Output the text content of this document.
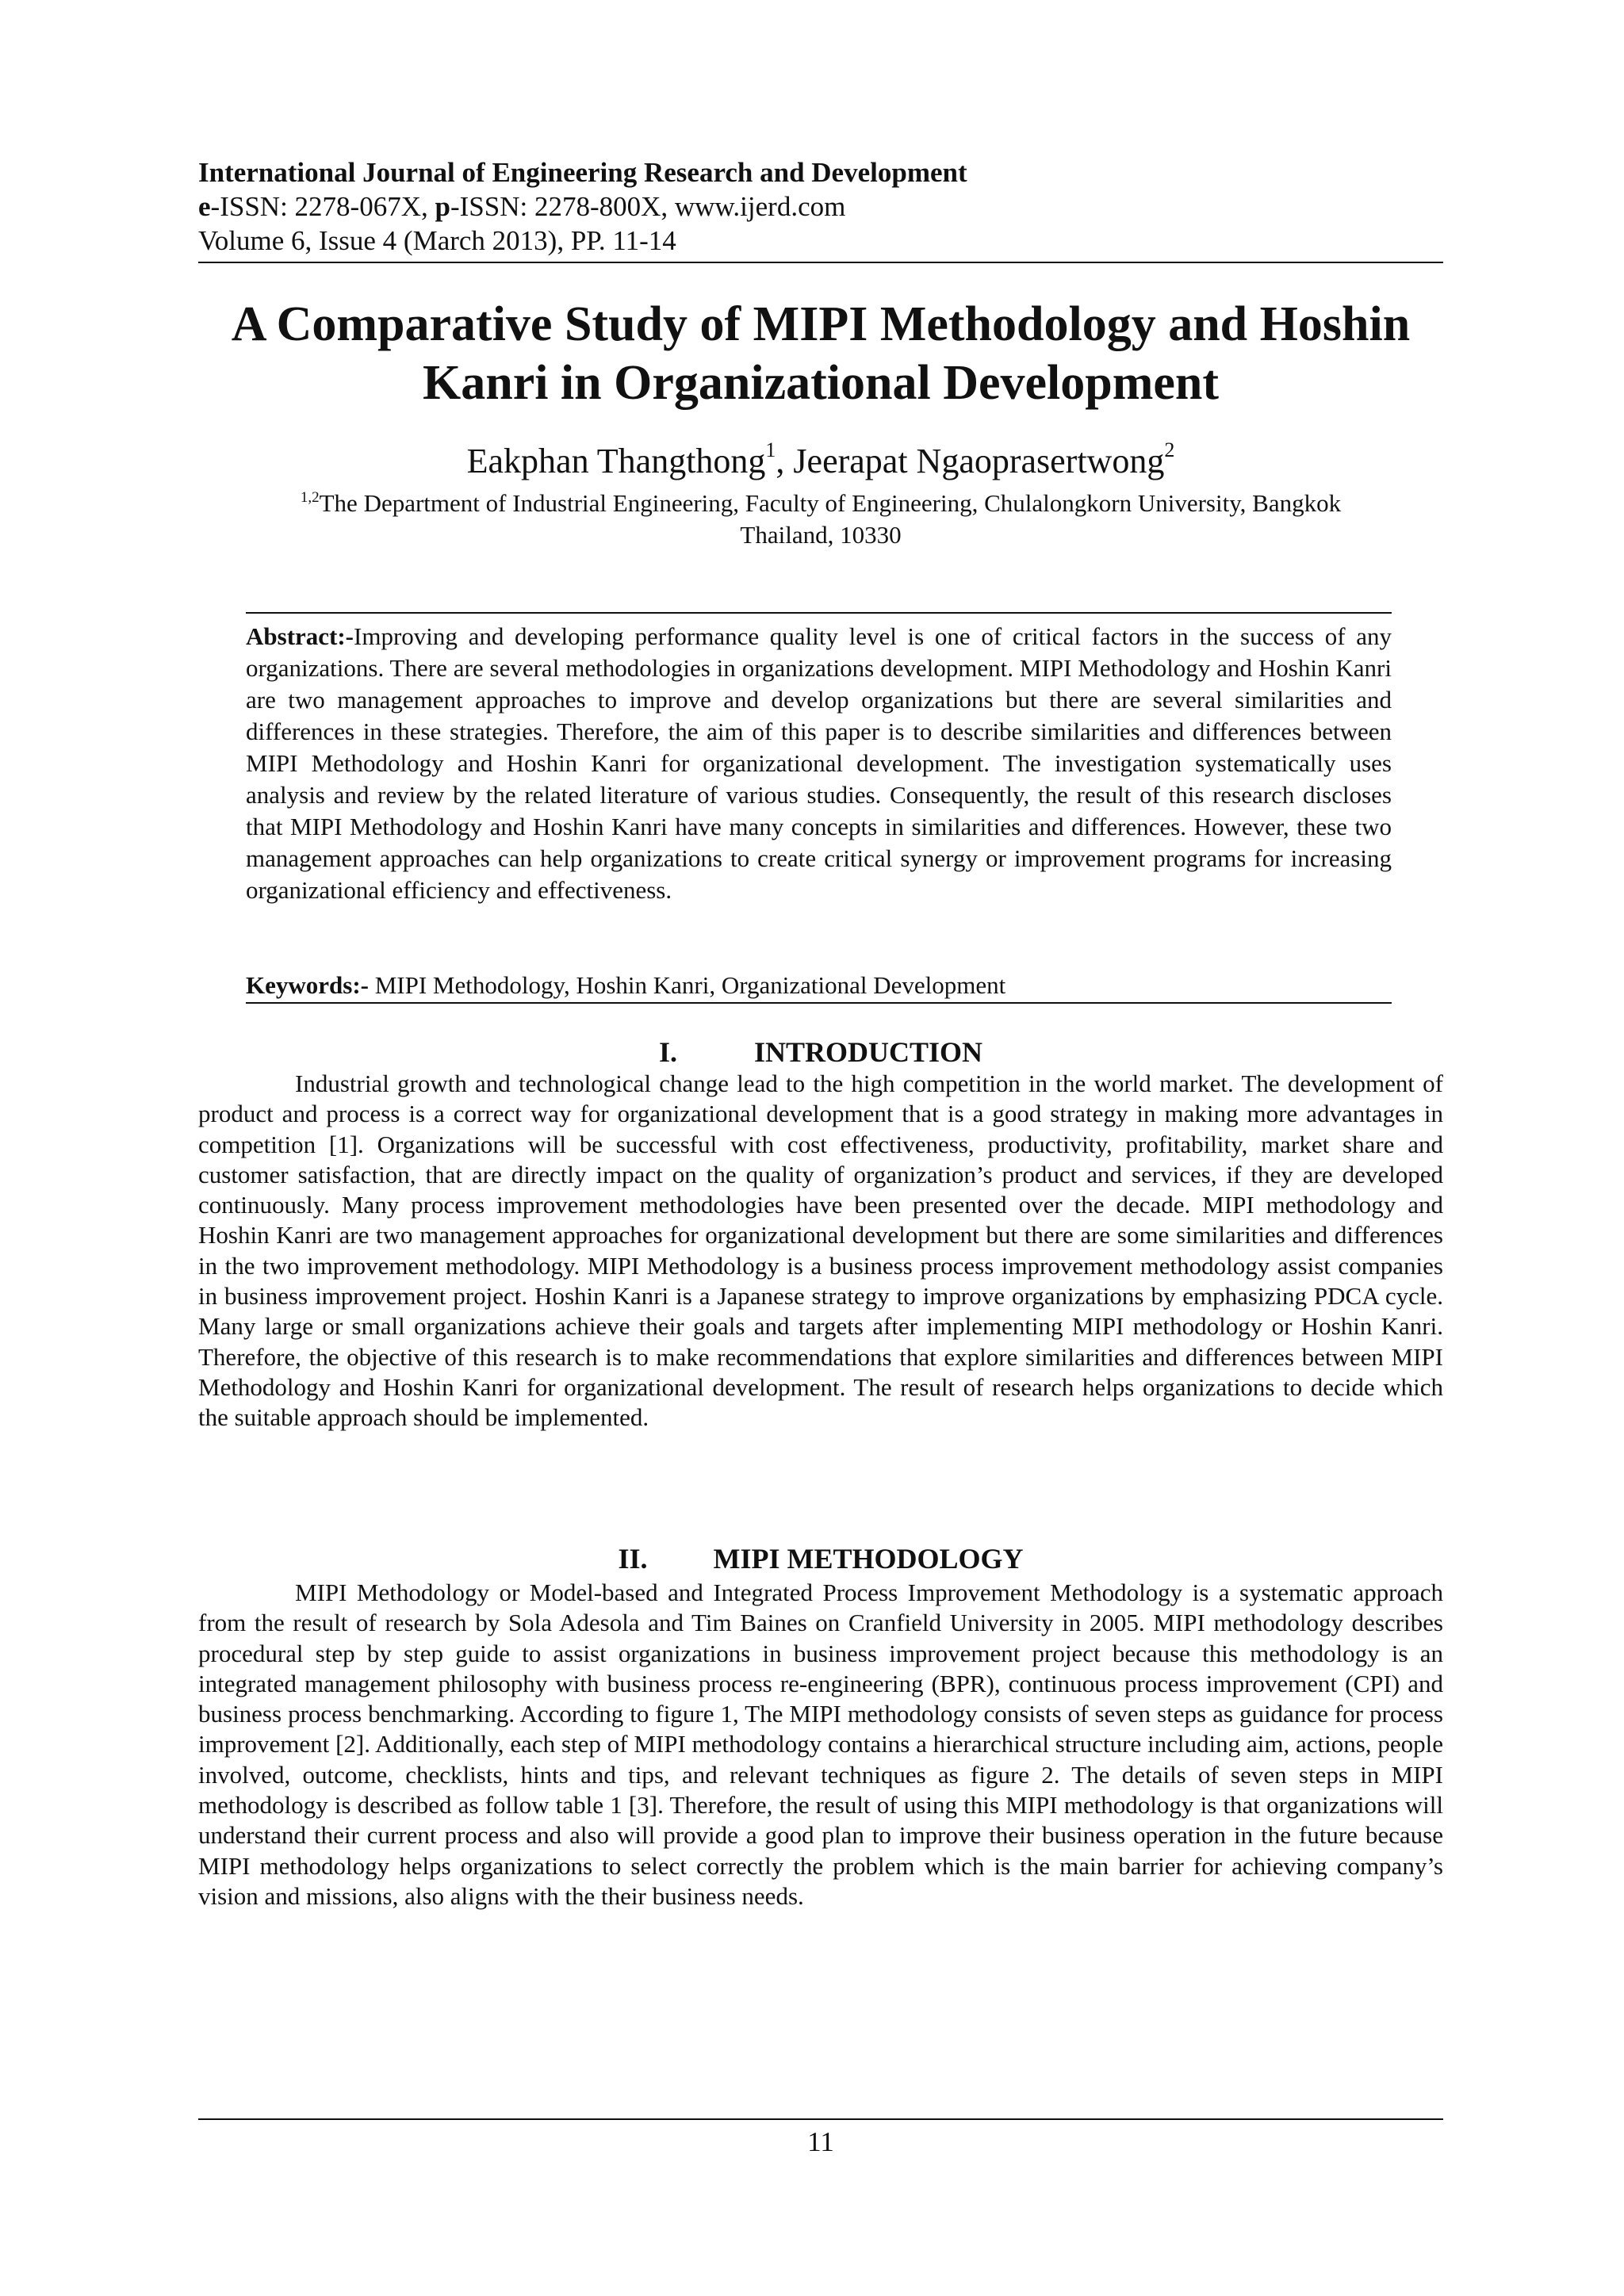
International Journal of Engineering Research and Development
e-ISSN: 2278-067X, p-ISSN: 2278-800X, www.ijerd.com
Volume 6, Issue 4 (March 2013), PP. 11-14
A Comparative Study of MIPI Methodology and Hoshin
Kanri in Organizational Development
Eakphan Thangthong$^1$, Jeerapat Ngaoprasertwong$^2$
$^{1,2}$The Department of Industrial Engineering, Faculty of Engineering, Chulalongkorn University, Bangkok
Thailand, 10330
Abstract:-Improving and developing performance quality level is one of critical factors in the success of any organizations. There are several methodologies in organizations development. MIPI Methodology and Hoshin Kanri are two management approaches to improve and develop organizations but there are several similarities and differences in these strategies. Therefore, the aim of this paper is to describe similarities and differences between MIPI Methodology and Hoshin Kanri for organizational development. The investigation systematically uses analysis and review by the related literature of various studies. Consequently, the result of this research discloses that MIPI Methodology and Hoshin Kanri have many concepts in similarities and differences. However, these two management approaches can help organizations to create critical synergy or improvement programs for increasing organizational efficiency and effectiveness.
Keywords:- MIPI Methodology, Hoshin Kanri, Organizational Development
I.	INTRODUCTION
Industrial growth and technological change lead to the high competition in the world market. The development of product and process is a correct way for organizational development that is a good strategy in making more advantages in competition [1]. Organizations will be successful with cost effectiveness, productivity, profitability, market share and customer satisfaction, that are directly impact on the quality of organization’s product and services, if they are developed continuously. Many process improvement methodologies have been presented over the decade. MIPI methodology and Hoshin Kanri are two management approaches for organizational development but there are some similarities and differences in the two improvement methodology. MIPI Methodology is a business process improvement methodology assist companies in business improvement project. Hoshin Kanri is a Japanese strategy to improve organizations by emphasizing PDCA cycle. Many large or small organizations achieve their goals and targets after implementing MIPI methodology or Hoshin Kanri. Therefore, the objective of this research is to make recommendations that explore similarities and differences between MIPI Methodology and Hoshin Kanri for organizational development. The result of research helps organizations to decide which the suitable approach should be implemented.
II. MIPI METHODOLOGY
MIPI Methodology or Model-based and Integrated Process Improvement Methodology is a systematic approach from the result of research by Sola Adesola and Tim Baines on Cranfield University in 2005. MIPI methodology describes procedural step by step guide to assist organizations in business improvement project because this methodology is an integrated management philosophy with business process re-engineering (BPR), continuous process improvement (CPI) and business process benchmarking. According to figure 1, The MIPI methodology consists of seven steps as guidance for process improvement [2]. Additionally, each step of MIPI methodology contains a hierarchical structure including aim, actions, people involved, outcome, checklists, hints and tips, and relevant techniques as figure 2. The details of seven steps in MIPI methodology is described as follow table 1 [3]. Therefore, the result of using this MIPI methodology is that organizations will understand their current process and also will provide a good plan to improve their business operation in the future because MIPI methodology helps organizations to select correctly the problem which is the main barrier for achieving company’s vision and missions, also aligns with the their business needs.
11
